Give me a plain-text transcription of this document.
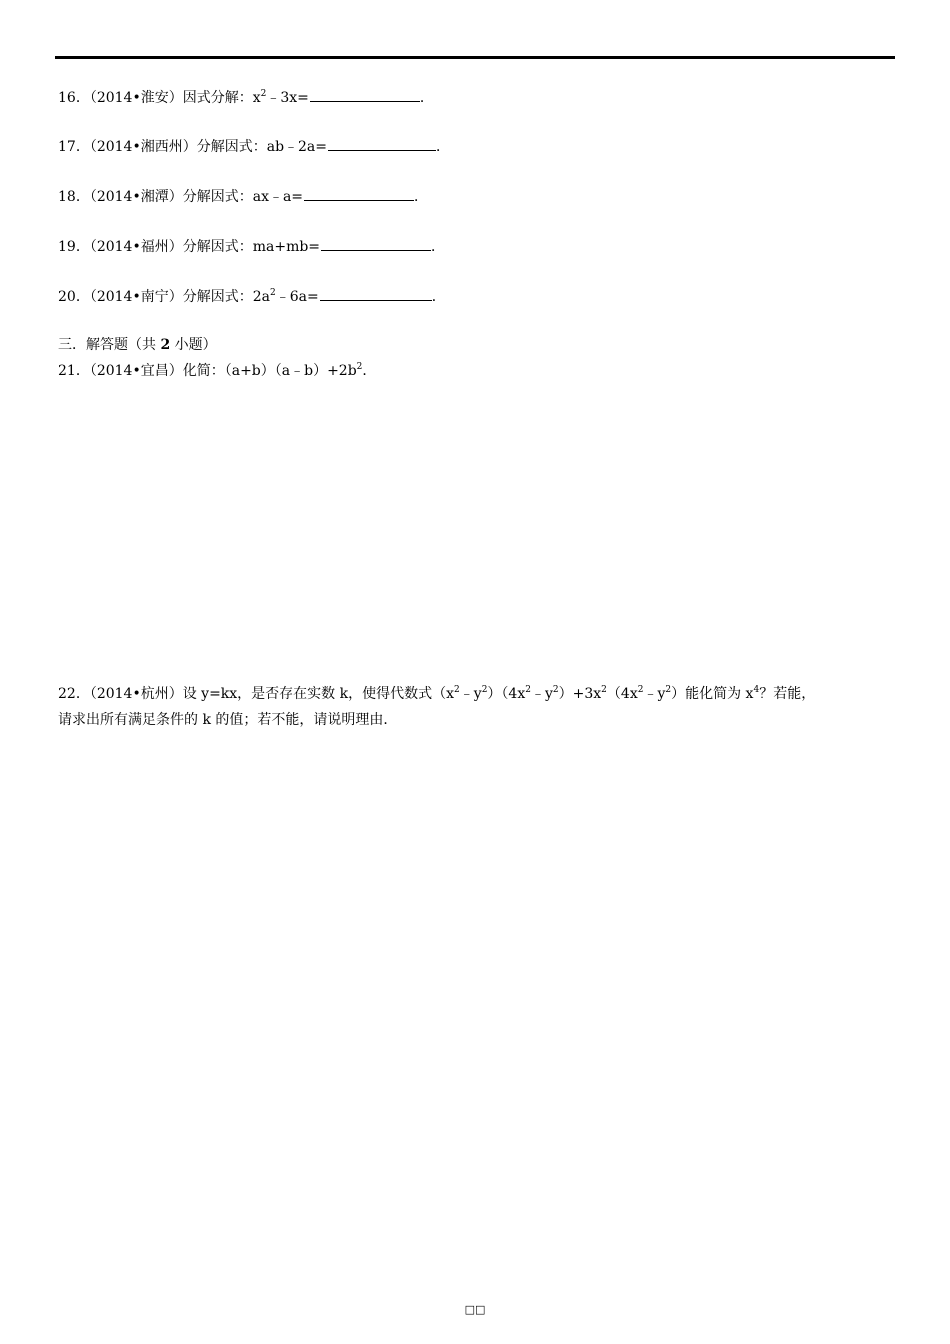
16．（2014•淮安）因式分解：$x^2﹣3x=$	．
17．（2014•湘西州）分解因式：ab﹣2a=	．
18．（2014•湘潭）分解因式：ax﹣a=	．
19．（2014•福州）分解因式：ma+mb=	．
20．（2014•南宁）分解因式：$2a^2﹣6a=$	．
三．解答题（共 2 小题）
21．（2014•宜昌）化简：$(a+b)(a﹣b)+2b^2$．
22．（2014•杭州）设 y=kx，是否存在实数 k，使得代数式$(x^2﹣y^2)(4x^2﹣y^2)+3x^2(4x^2﹣y^2)$能化简为 $x^4$？若能，
请求出所有满足条件的 k 的值；若不能，请说明理由．
□□
